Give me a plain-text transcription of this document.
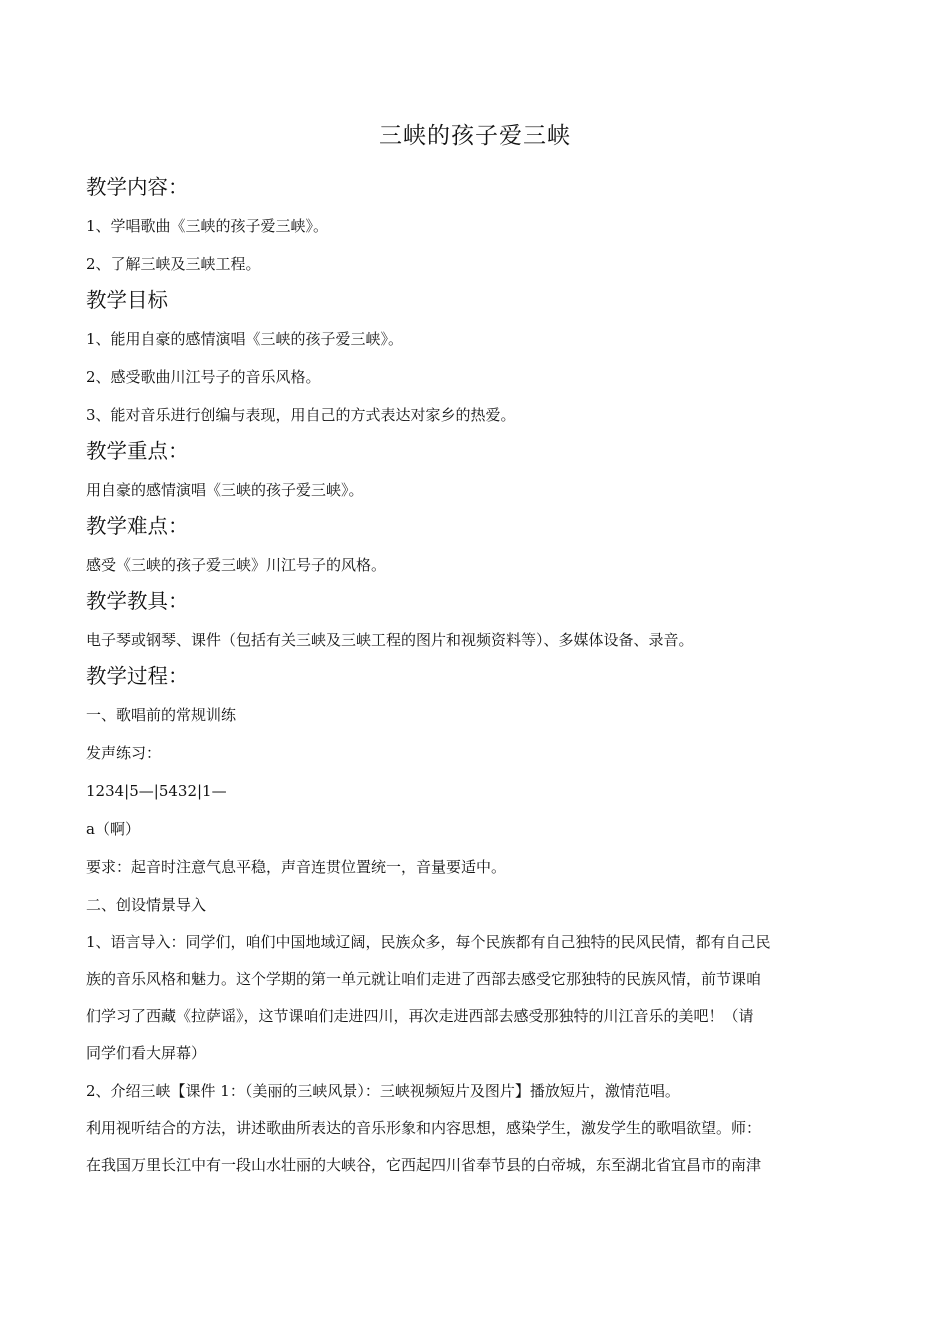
三峡的孩子爱三峡

教学内容：

1、学唱歌曲《三峡的孩子爱三峡》。

2、了解三峡及三峡工程。

教学目标

1、能用自豪的感情演唱《三峡的孩子爱三峡》。

2、感受歌曲川江号子的音乐风格。

3、能对音乐进行创编与表现，用自己的方式表达对家乡的热爱。

教学重点：

用自豪的感情演唱《三峡的孩子爱三峡》。

教学难点：

感受《三峡的孩子爱三峡》川江号子的风格。

教学教具：

电子琴或钢琴、课件（包括有关三峡及三峡工程的图片和视频资料等）、多媒体设备、录音。

教学过程：

一、歌唱前的常规训练

发声练习：

1234|5—|5432|1—

a（啊）

要求：起音时注意气息平稳，声音连贯位置统一，音量要适中。

二、创设情景导入

1、语言导入：同学们，咱们中国地域辽阔，民族众多，每个民族都有自己独特的民风民情，都有自己民

族的音乐风格和魅力。这个学期的第一单元就让咱们走进了西部去感受它那独特的民族风情，前节课咱

们学习了西藏《拉萨谣》，这节课咱们走进四川，再次走进西部去感受那独特的川江音乐的美吧！（请

同学们看大屏幕）

2、介绍三峡【课件 1：（美丽的三峡风景）：三峡视频短片及图片】播放短片，激情范唱。

利用视听结合的方法，讲述歌曲所表达的音乐形象和内容思想，感染学生，激发学生的歌唱欲望。师：

在我国万里长江中有一段山水壮丽的大峡谷，它西起四川省奉节县的白帝城，东至湖北省宜昌市的南津
